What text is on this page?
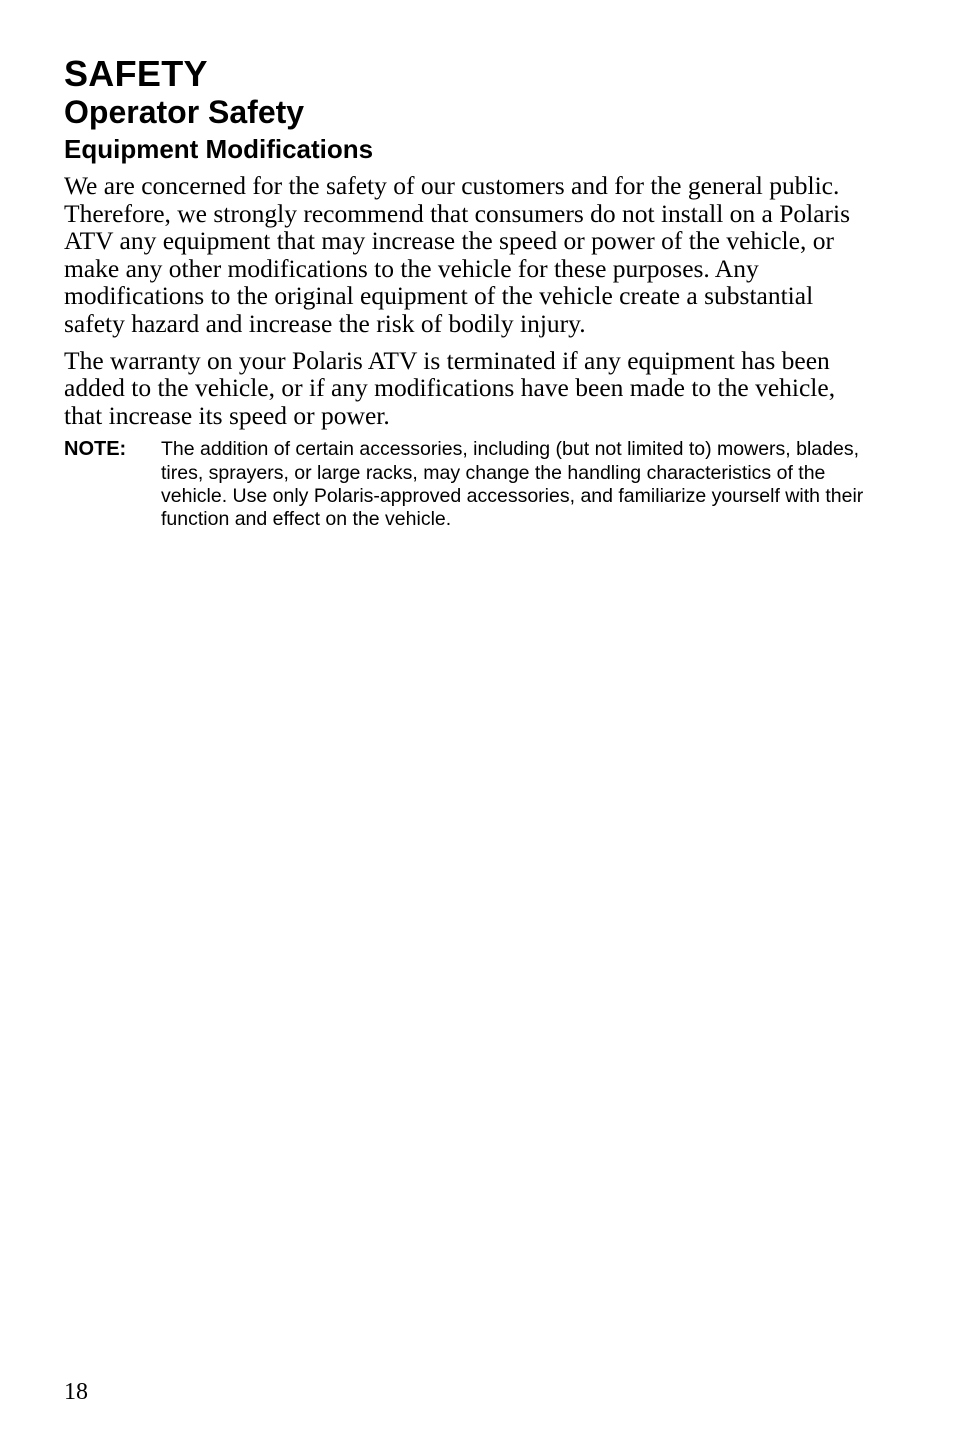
SAFETY
Operator Safety
Equipment Modifications

We are concerned for the safety of our customers and for the general public. Therefore, we strongly recommend that consumers do not install on a Polaris ATV any equipment that may increase the speed or power of the vehicle, or make any other modifications to the vehicle for these purposes. Any modifications to the original equipment of the vehicle create a substantial safety hazard and increase the risk of bodily injury.

The warranty on your Polaris ATV is terminated if any equipment has been added to the vehicle, or if any modifications have been made to the vehicle, that increase its speed or power.

NOTE: The addition of certain accessories, including (but not limited to) mowers, blades, tires, sprayers, or large racks, may change the handling characteristics of the vehicle. Use only Polaris-approved accessories, and familiarize yourself with their function and effect on the vehicle.
18
